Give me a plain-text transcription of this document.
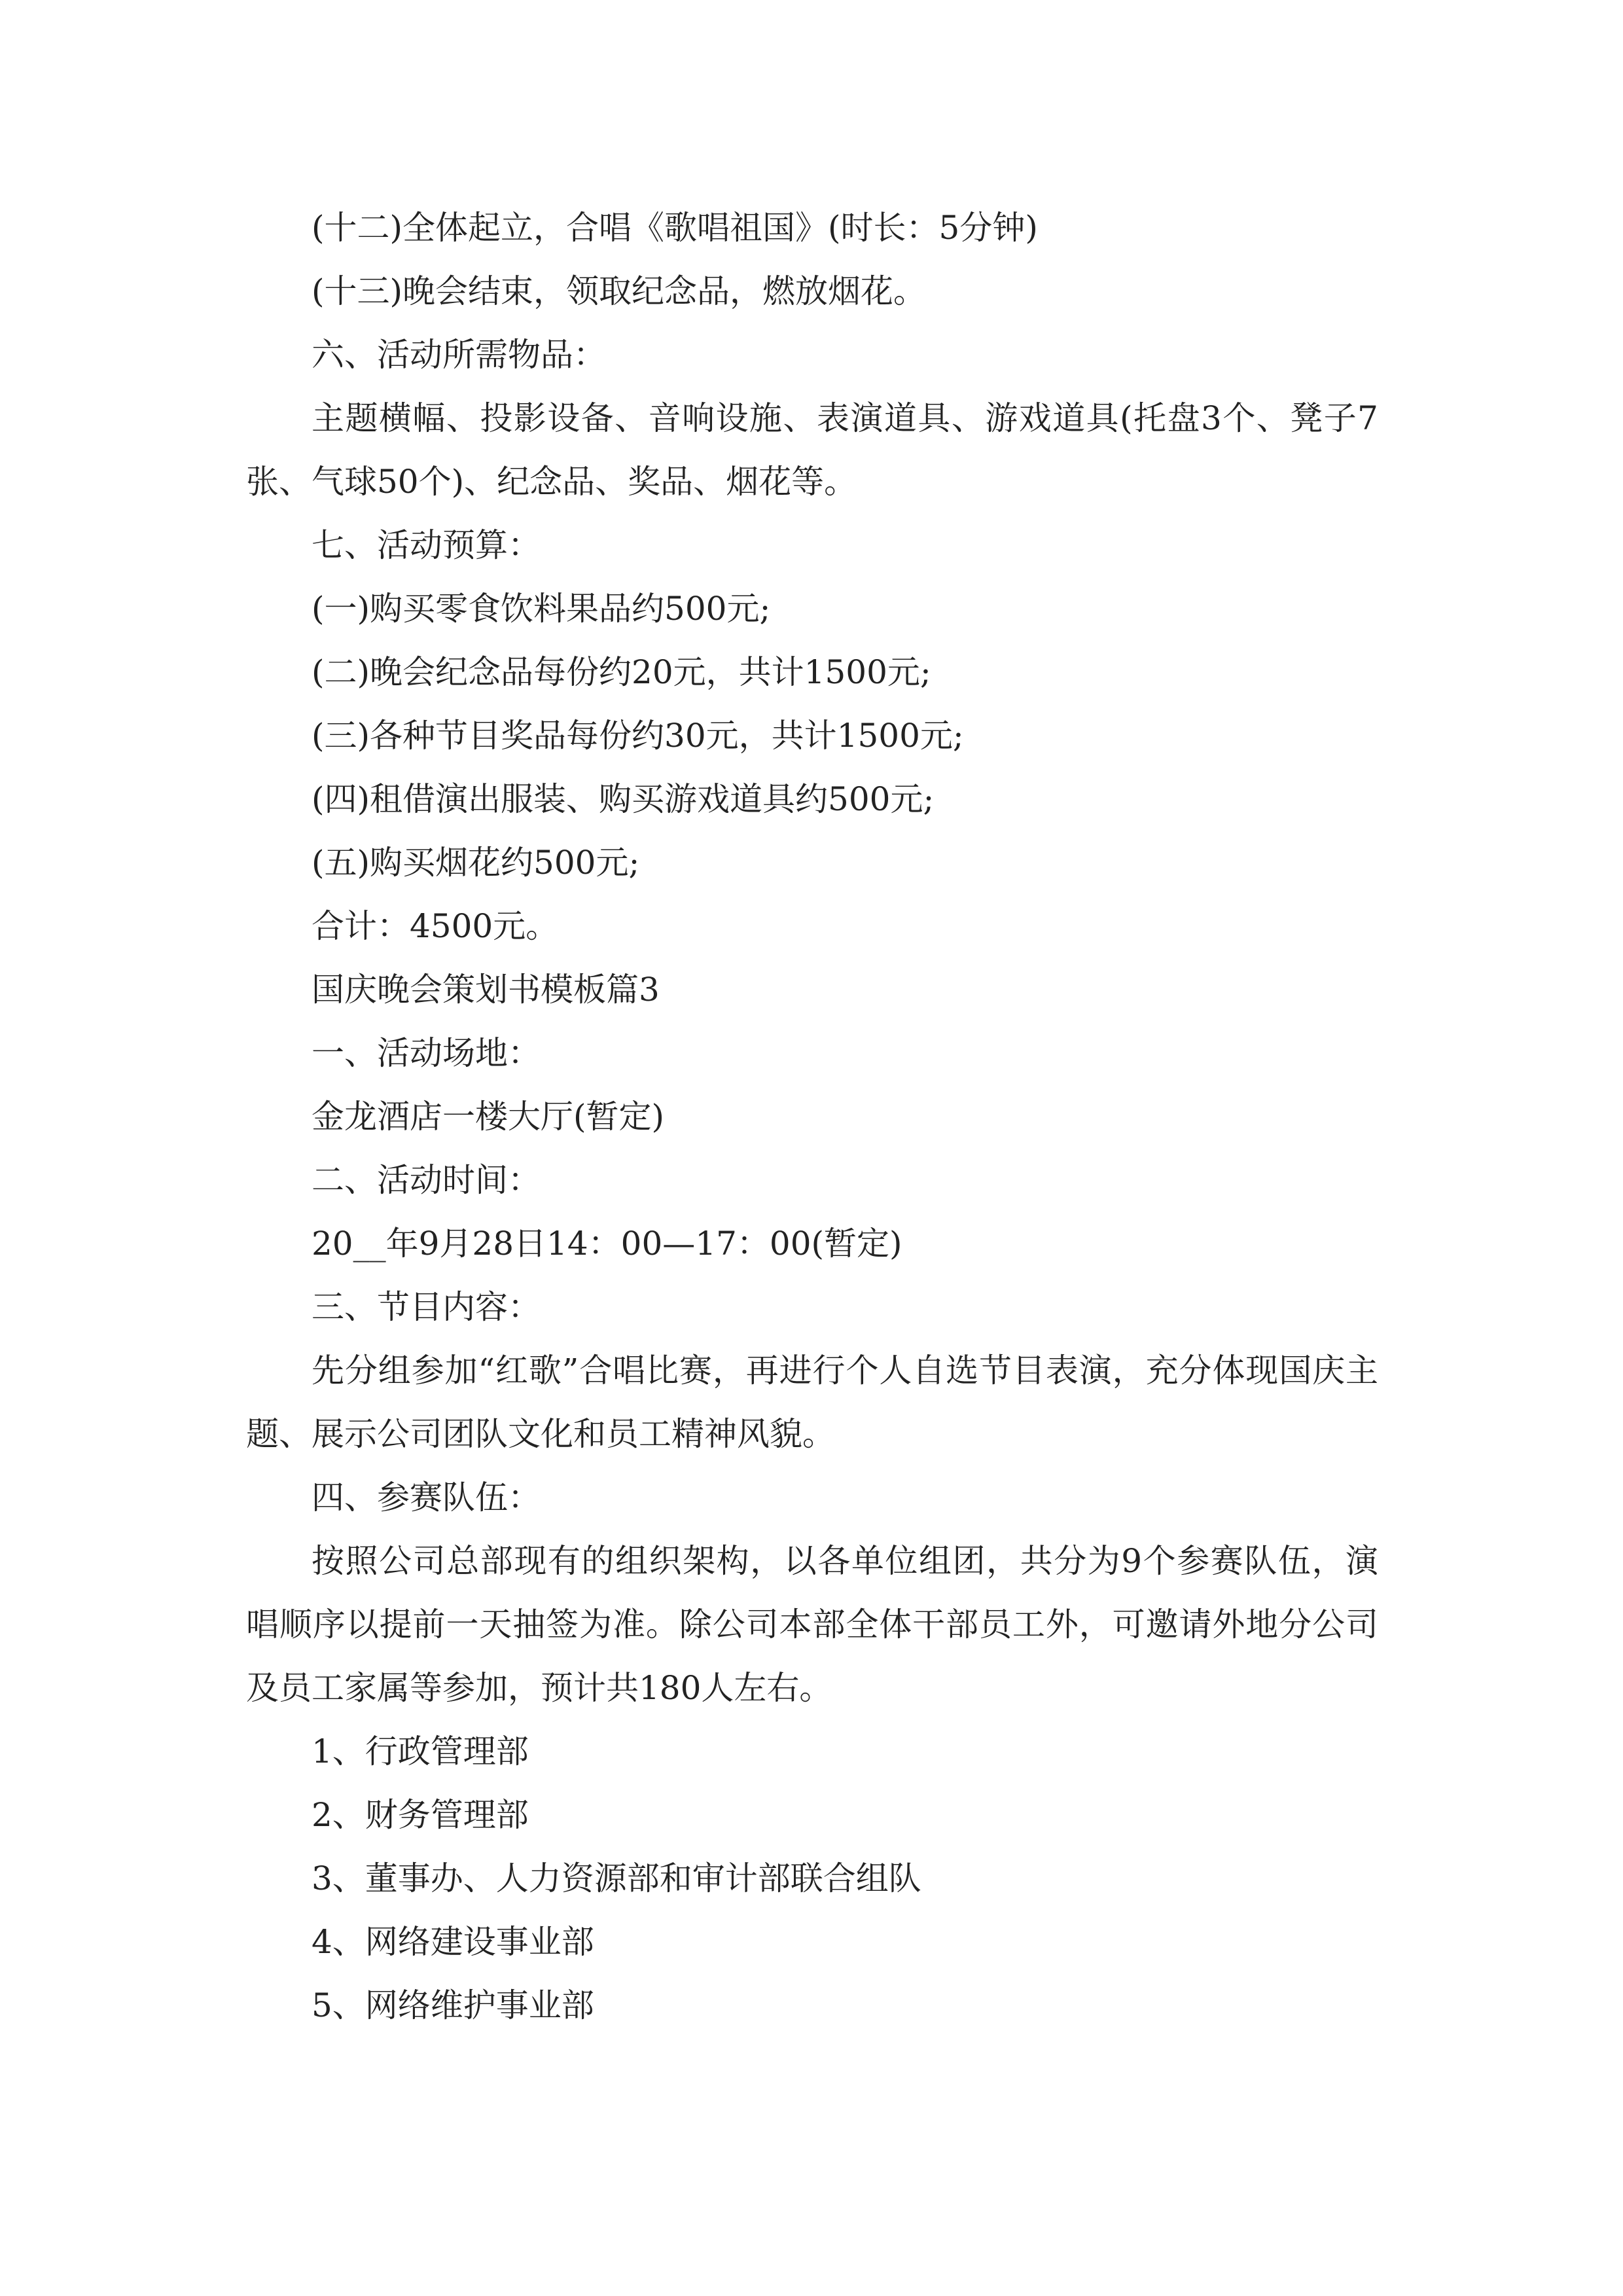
(十二)全体起立，合唱《歌唱祖国》(时长：5分钟)

(十三)晚会结束，领取纪念品，燃放烟花。

六、活动所需物品：

主题横幅、投影设备、音响设施、表演道具、游戏道具(托盘3个、凳子7张、气球50个)、纪念品、奖品、烟花等。

七、活动预算：

(一)购买零食饮料果品约500元;

(二)晚会纪念品每份约20元，共计1500元;

(三)各种节目奖品每份约30元，共计1500元;

(四)租借演出服装、购买游戏道具约500元;

(五)购买烟花约500元;

合计：4500元。

国庆晚会策划书模板篇3

一、活动场地：

金龙酒店一楼大厅(暂定)

二、活动时间：

20__年9月28日14：00—17：00(暂定)

三、节目内容：

先分组参加“红歌”合唱比赛，再进行个人自选节目表演，充分体现国庆主题、展示公司团队文化和员工精神风貌。

四、参赛队伍：

按照公司总部现有的组织架构，以各单位组团，共分为9个参赛队伍，演唱顺序以提前一天抽签为准。除公司本部全体干部员工外，可邀请外地分公司及员工家属等参加，预计共180人左右。

1、行政管理部

2、财务管理部

3、董事办、人力资源部和审计部联合组队

4、网络建设事业部

5、网络维护事业部
